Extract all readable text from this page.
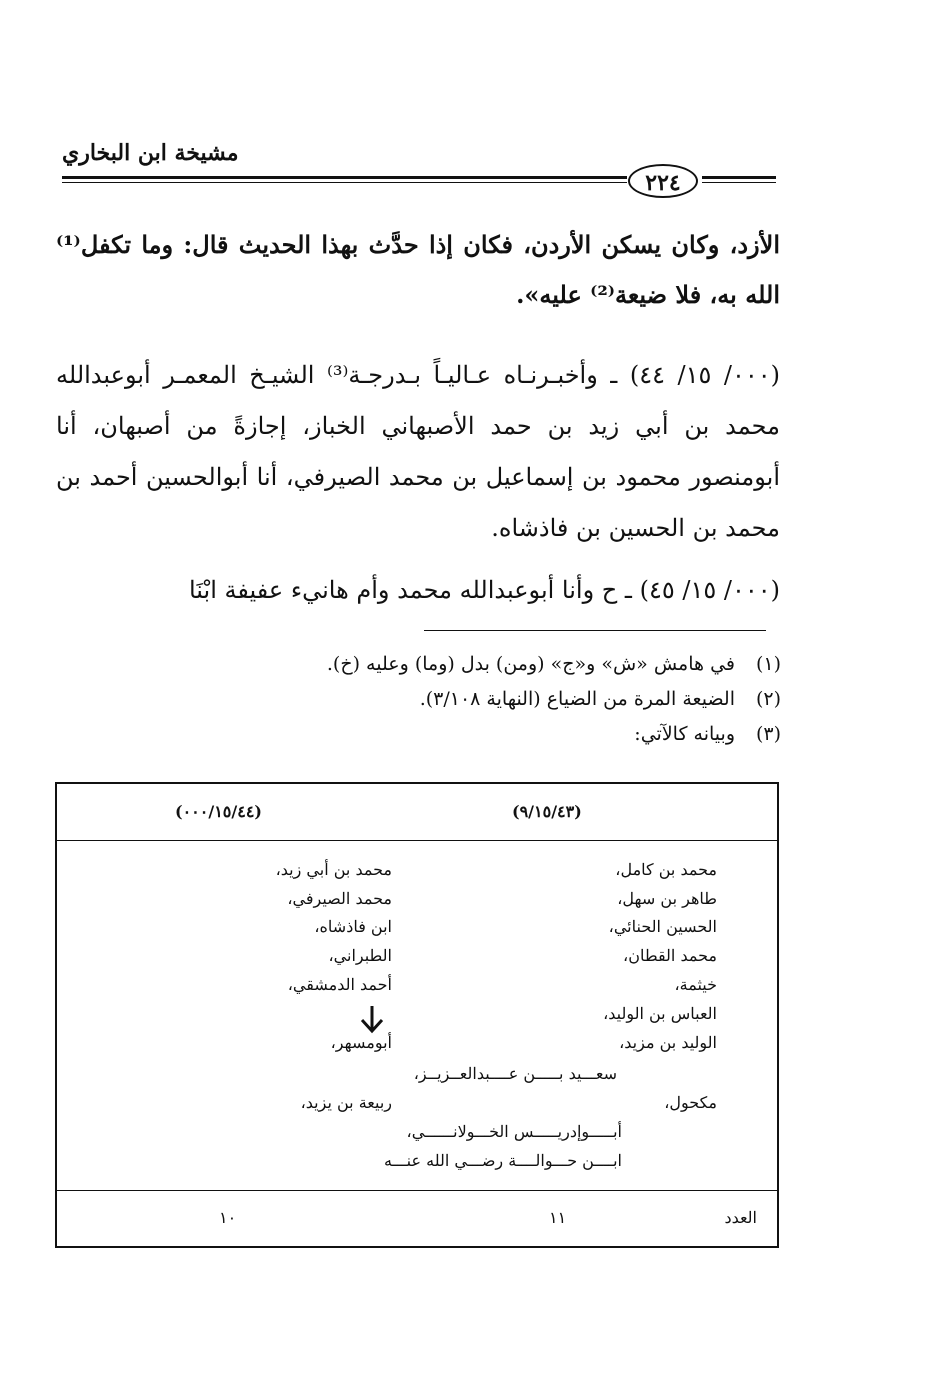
مشيخة ابن البخاري
٢٢٤
الأزد، وكان يسكن الأردن، فكان إذا حدَّث بهذا الحديث قال: وما تكفل⁽¹⁾ الله به، فلا ضيعة⁽²⁾ عليه».
(٠٠٠/ ١٥/ ٤٤) ـ وأخبـرنـاه عـاليـاً بـدرجـة⁽³⁾ الشيـخ المعمـر أبوعبدالله محمد بن أبي زيد بن حمد الأصبهاني الخباز، إجازةً من أصبهان، أنا أبومنصور محمود بن إسماعيل بن محمد الصيرفي، أنا أبوالحسين أحمد بن محمد بن الحسين بن فاذشاه.
(٠٠٠/ ١٥/ ٤٥) ـ ح وأنا أبوعبدالله محمد وأم هانيء عفيفة ابْنَا
(١)في هامش «ش» و«ج» (ومن) بدل (وما) وعليه (خ).
(٢)الضيعة المرة من الضياع (النهاية ٣/١٠٨).
(٣)وبيانه كالآتي:
(٩/١٥/٤٣)
(٠٠٠/١٥/٤٤)
محمد بن كامل،
طاهر بن سهل،
الحسين الحنائي،
محمد القطان،
خيثمة،
العباس بن الوليد،
الوليد بن مزيد،
محمد بن أبي زيد،
محمد الصيرفي،
ابن فاذشاه،
الطبراني،
أحمد الدمشقي،
أبومسهر،
سعـــيد بـــــن عــــبدالعــزيــز،
مكحول،
ربيعة بن يزيد،
أبـــــوإدريـــــس الخـــولانــــــي،
ابــــن حـــوالــــة رضـــي الله عنـــه
العدد
١١
١٠
